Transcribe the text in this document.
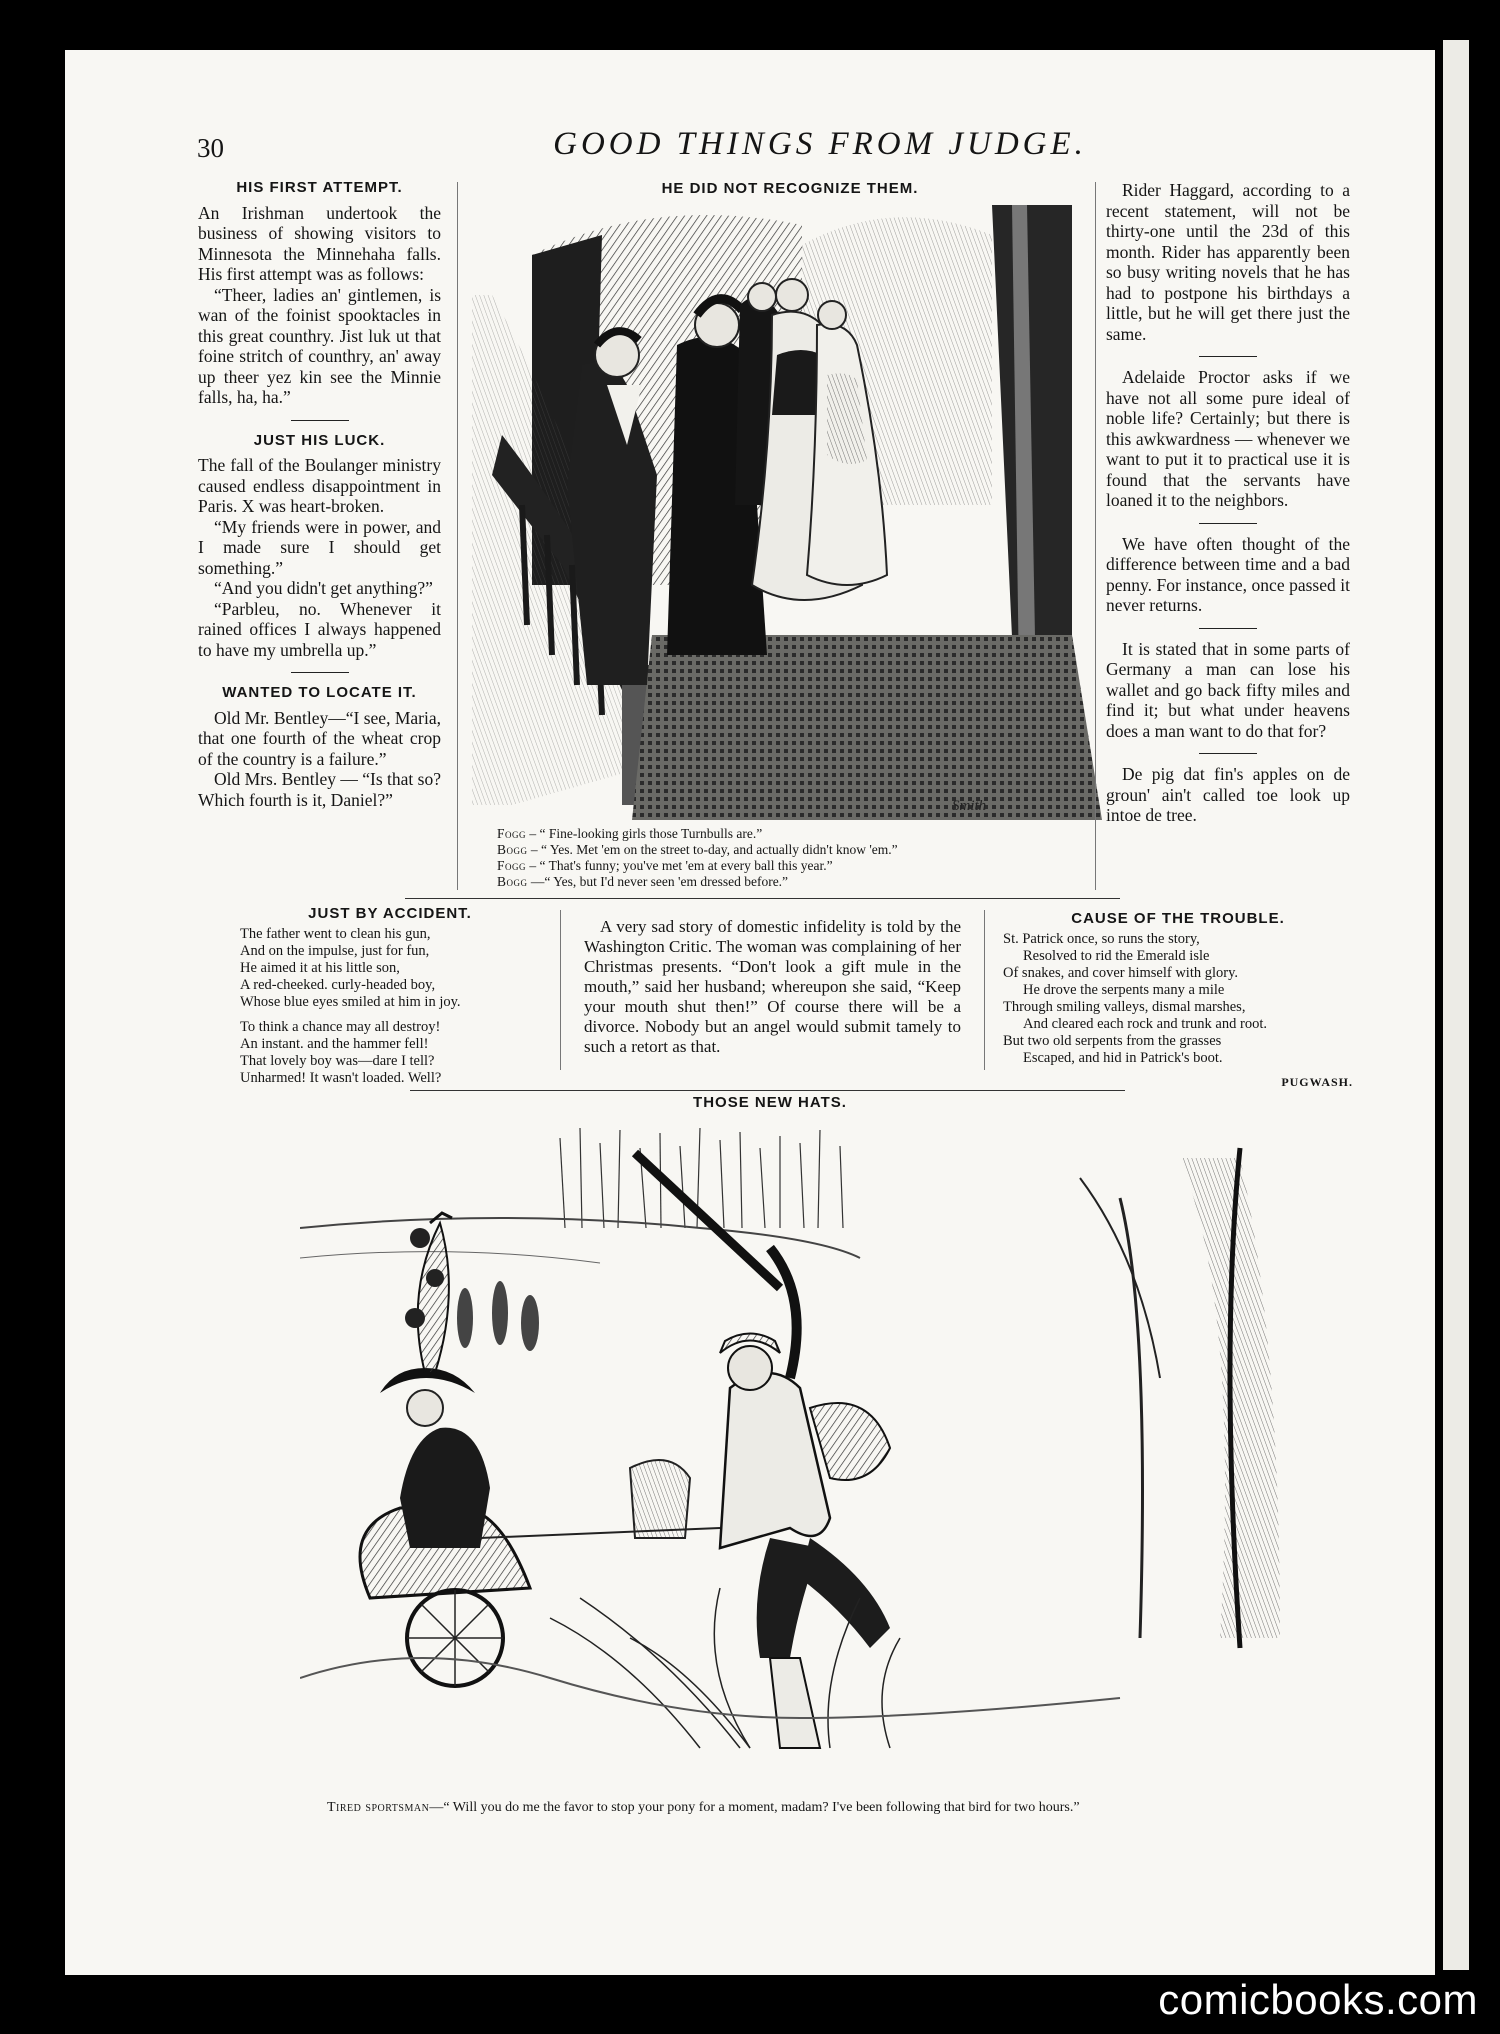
30	GOOD THINGS FROM JUDGE.
HIS FIRST ATTEMPT.

An Irishman undertook the business of showing visitors to Minnesota the Minnehaha falls. His first attempt was as follows:

“Theer, ladies an' gintlemen, is wan of the foinist spooktacles in this great counthry. Jist luk ut that foine stritch of counthry, an' away up theer yez kin see the Minnie falls, ha, ha.”

JUST HIS LUCK.

The fall of the Boulanger ministry caused endless disappointment in Paris. X was heart-broken.

“My friends were in power, and I made sure I should get something.”

“And you didn't get anything?”

“Parbleu, no. Whenever it rained offices I always happened to have my umbrella up.”

WANTED TO LOCATE IT.

Old Mr. Bentley—“I see, Maria, that one fourth of the wheat crop of the country is a failure.”

Old Mrs. Bentley — “Is that so? Which fourth is it, Daniel?”

HE DID NOT RECOGNIZE THEM.
Smith
Fogg – “ Fine-looking girls those Turnbulls are.”
Bogg – “ Yes. Met 'em on the street to-day, and actually didn't know 'em.”
Fogg – “ That's funny; you've met 'em at every ball this year.”
Bogg —“ Yes, but I'd never seen 'em dressed before.”

Rider Haggard, according to a recent statement, will not be thirty-one until the 23d of this month. Rider has apparently been so busy writing novels that he has had to postpone his birthdays a little, but he will get there just the same.

Adelaide Proctor asks if we have not all some pure ideal of noble life? Certainly; but there is this awkwardness — whenever we want to put it to practical use it is found that the servants have loaned it to the neighbors.

We have often thought of the difference between time and a bad penny. For instance, once passed it never returns.

It is stated that in some parts of Germany a man can lose his wallet and go back fifty miles and find it; but what under heavens does a man want to do that for?

De pig dat fin's apples on de groun' ain't called toe look up intoe de tree.

JUST BY ACCIDENT.
The father went to clean his gun,
And on the impulse, just for fun,
He aimed it at his little son,
A red-cheeked. curly-headed boy,
Whose blue eyes smiled at him in joy.
To think a chance may all destroy!
An instant. and the hammer fell!
That lovely boy was—dare I tell?
Unharmed! It wasn't loaded. Well?

A very sad story of domestic infidelity is told by the Washington Critic. The woman was complaining of her Christmas presents. “Don't look a gift mule in the mouth,” said her husband; whereupon she said, “Keep your mouth shut then!” Of course there will be a divorce. Nobody but an angel would submit tamely to such a retort as that.

CAUSE OF THE TROUBLE.
St. Patrick once, so runs the story,
Resolved to rid the Emerald isle
Of snakes, and cover himself with glory.
He drove the serpents many a mile
Through smiling valleys, dismal marshes,
And cleared each rock and trunk and root.
But two old serpents from the grasses
Escaped, and hid in Patrick's boot.
PUGWASH.
THOSE NEW HATS.
Tired sportsman—“ Will you do me the favor to stop your pony for a moment, madam? I've been following that bird for two hours.”
comicbooks.com
